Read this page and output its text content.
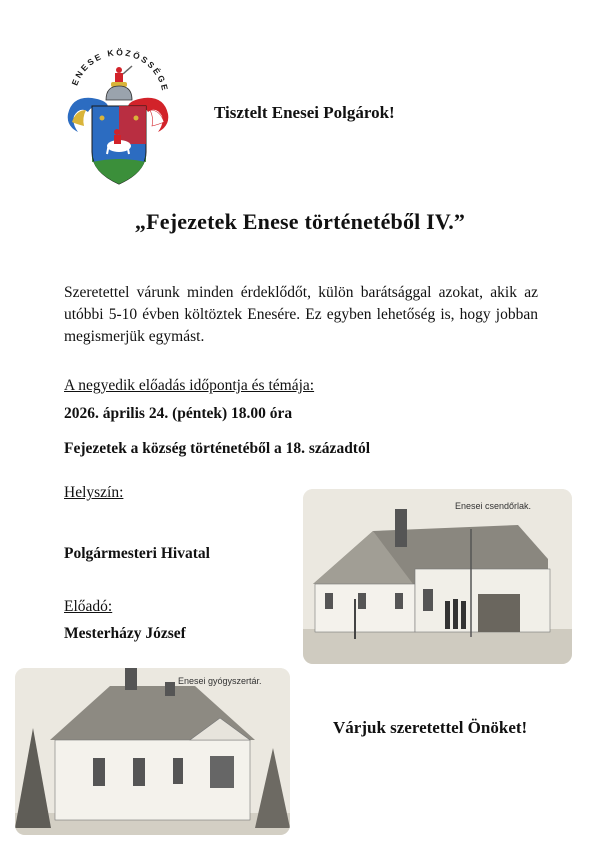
ENESE KÖZÖSSÉGE
Tisztelt Enesei Polgárok!
„Fejezetek Enese történetéből IV.”
Szeretettel várunk minden érdeklődőt, külön barátsággal azokat, akik az utóbbi 5-10 évben költöztek Enesére. Ez egyben lehetőség is, hogy jobban megismerjük egymást.
A negyedik előadás időpontja és témája:
2026. április 24. (péntek) 18.00 óra
Fejezetek a község történetéből a 18. századtól
Helyszín:
Polgármesteri Hivatal
Előadó:
Mesterházy József
Várjuk szeretettel Önöket!
Enesei csendőrlak.
Enesei gyógyszertár.
